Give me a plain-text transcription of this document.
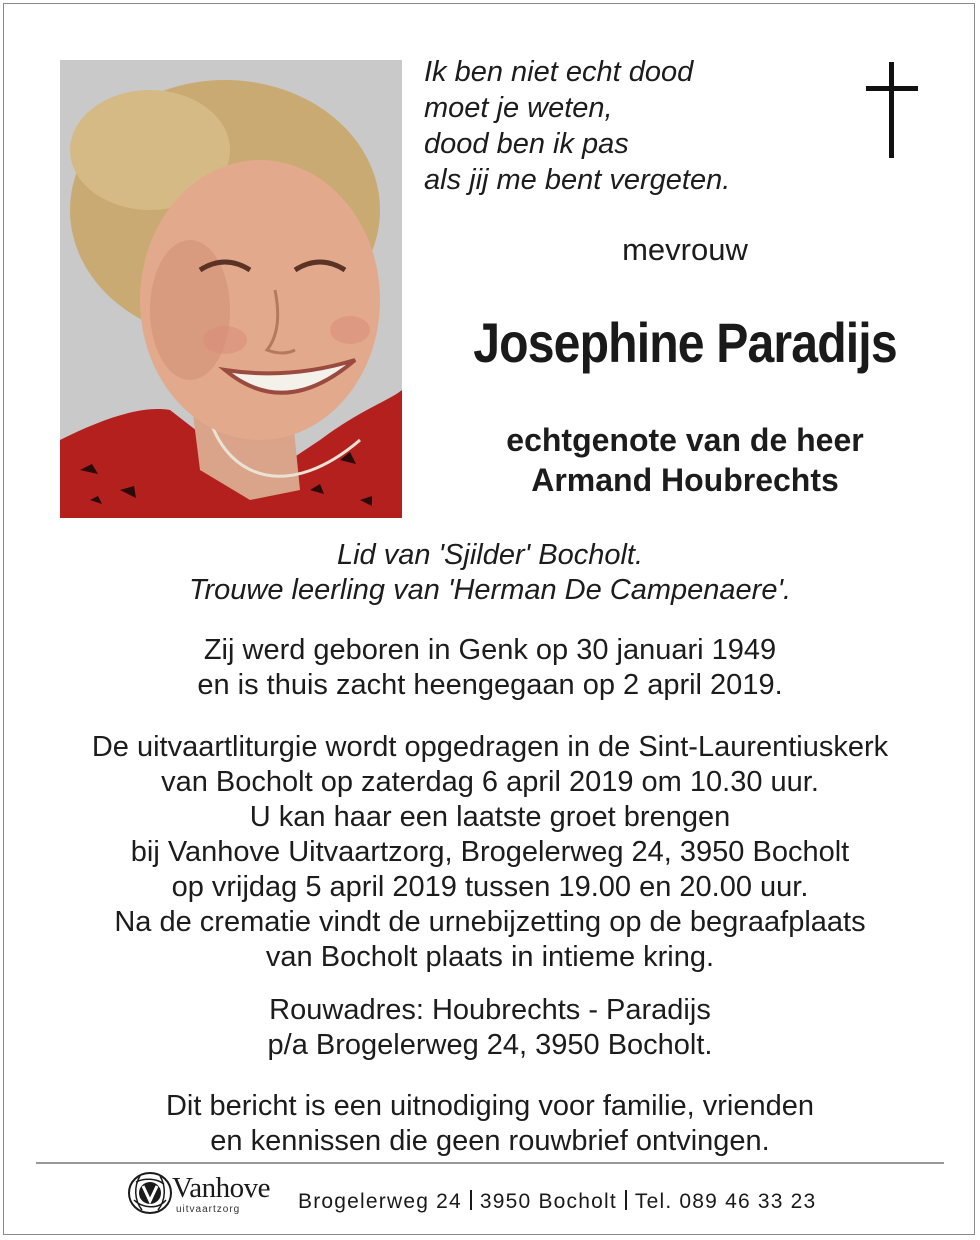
Ik ben niet echt dood
moet je weten,
dood ben ik pas
als jij me bent vergeten.
mevrouw
Josephine Paradijs
echtgenote van de heer
Armand Houbrechts
Lid van 'Sjilder' Bocholt.
Trouwe leerling van 'Herman De Campenaere'.
Zij werd geboren in Genk op 30 januari 1949
en is thuis zacht heengegaan op 2 april 2019.
De uitvaartliturgie wordt opgedragen in de Sint-Laurentiuskerk
van Bocholt op zaterdag 6 april 2019 om 10.30 uur.
U kan haar een laatste groet brengen
bij Vanhove Uitvaartzorg, Brogelerweg 24, 3950 Bocholt
op vrijdag 5 april 2019 tussen 19.00 en 20.00 uur.
Na de crematie vindt de urnebijzetting op de begraafplaats
van Bocholt plaats in intieme kring.
Rouwadres: Houbrechts - Paradijs
p/a Brogelerweg 24, 3950 Bocholt.
Dit bericht is een uitnodiging voor familie, vrienden
en kennissen die geen rouwbrief ontvingen.
Vanhove
uitvaartzorg	Brogelerweg 24 3950 Bocholt Tel. 089 46 33 23
